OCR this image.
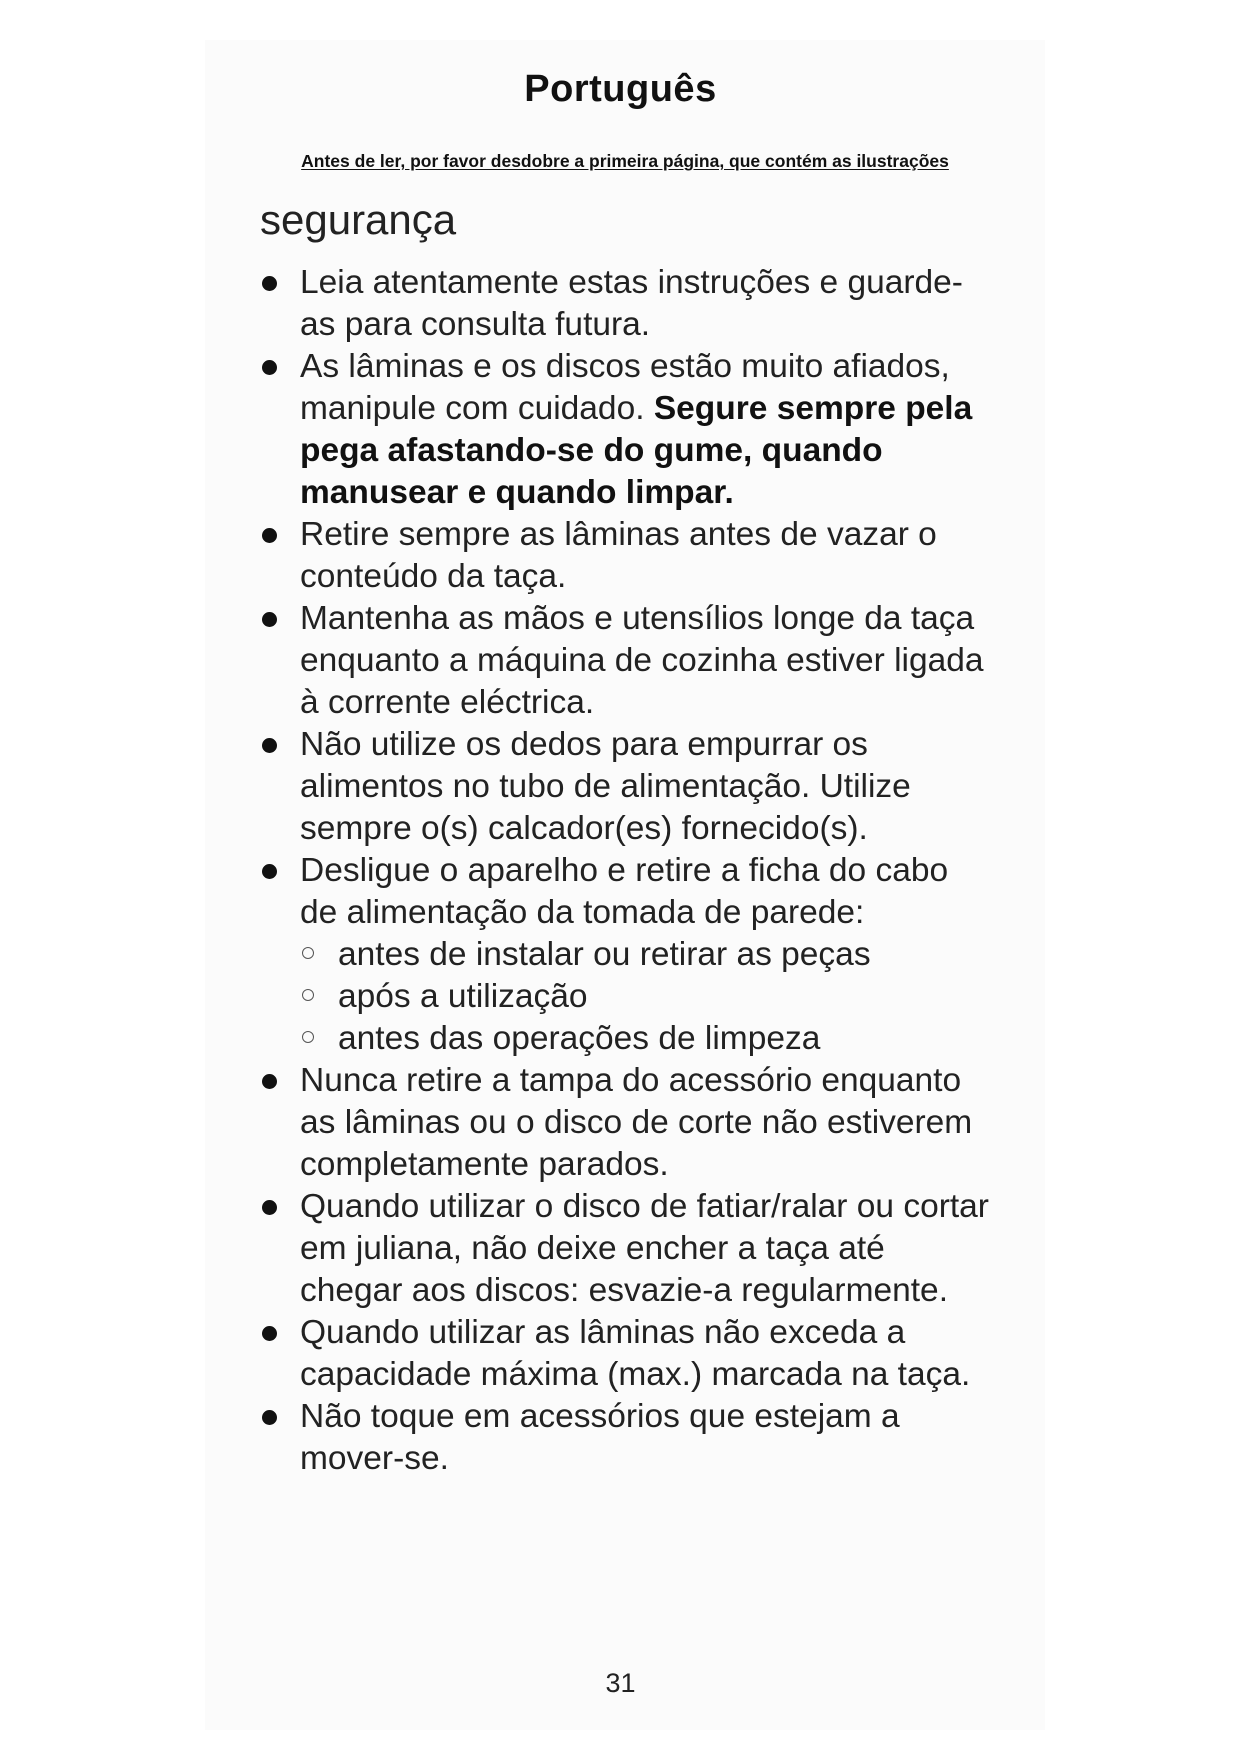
Português

Antes de ler, por favor desdobre a primeira página, que contém as ilustrações

segurança
Leia atentamente estas instruções e guarde-as para consulta futura.
As lâminas e os discos estão muito afiados, manipule com cuidado. Segure sempre pela pega afastando-se do gume, quando manusear e quando limpar.
Retire sempre as lâminas antes de vazar o conteúdo da taça.
Mantenha as mãos e utensílios longe da taça enquanto a máquina de cozinha estiver ligada à corrente eléctrica.
Não utilize os dedos para empurrar os alimentos no tubo de alimentação. Utilize sempre o(s) calcador(es) fornecido(s).
Desligue o aparelho e retire a ficha do cabo de alimentação da tomada de parede:
antes de instalar ou retirar as peças
após a utilização
antes das operações de limpeza
Nunca retire a tampa do acessório enquanto as lâminas ou o disco de corte não estiverem completamente parados.
Quando utilizar o disco de fatiar/ralar ou cortar em juliana, não deixe encher a taça até chegar aos discos: esvazie-a regularmente.
Quando utilizar as lâminas não exceda a capacidade máxima (max.) marcada na taça.
Não toque em acessórios que estejam a mover-se.
31
